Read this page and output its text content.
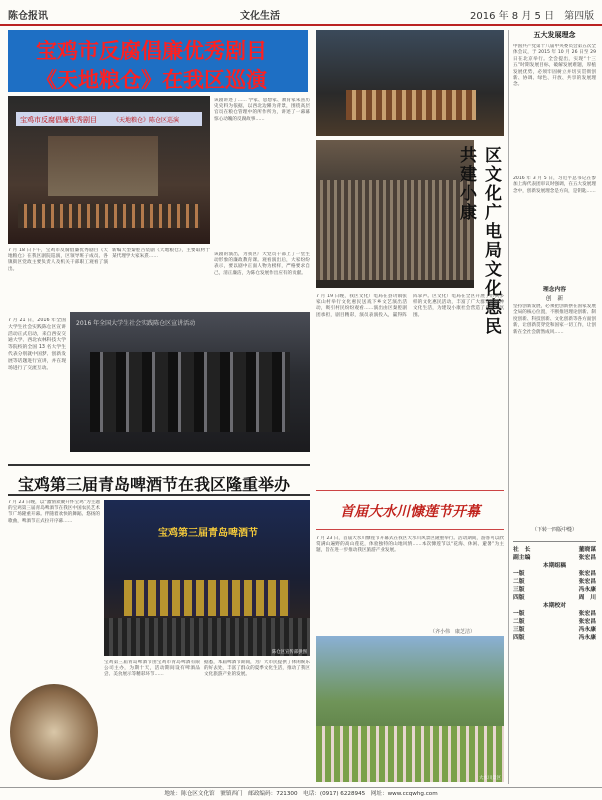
陈仓报讯	文化生活	2016 年 8 月 5 日　第四版
宝鸡市反腐倡廉优秀剧目
《天地粮仓》在我区巡演
宝鸡市反腐倡廉优秀剧目	《天地粮仓》陈仓区巡演
7 月 18 日下午，宝鸡市反腐倡廉优秀剧目《天地粮仓》在我区剧院巡演，区领导班子成员、各镇街区党政主要负责人及机关干部职工观看了演出。
新编大型秦腔古装剧《天地粮仓》，主要取材于某代理学大家朱熹……
该剧讲述了…… 学家、思想家、教育家朱熹历史史料为依据，以西北边陲为背景，围绕高层官员在粮仓管理中的所作所为，讲述了一幕幕惊心动魄的反腐故事……
该剧的演出，为我区广大党员干部上了一堂生动形象的廉政教育课。观看演出后，大家纷纷表示，要以剧中正面人物为榜样，严格要求自己，清正廉洁，为陈仓发展作出应有的贡献。
7 月 21 日，2016 年全国大学生社会实践陈仓区宣讲活动正式启动，来自西安交通大学、西北农林科技大学等院校的全国 13 名大学生代表分别就中国梦、创新发展等话题进行宣讲，并在现场进行了交流互动。
2016 年全国大学生社会实践陈仓区宣讲活动
宝鸡第三届青岛啤酒节在我区隆重举办
7 月 23 日晚，以“激情欢聚开怀宝鸡”为主题的宝鸡第三届青岛啤酒节在我区中国农民艺术节广场隆重开幕。伴随着欢快的舞蹈、悠扬的歌曲，啤酒节正式拉开序幕……
宝鸡第三届青岛啤酒节由宝鸡市青岛啤酒有限公司主办，为期十天，活动期间设有啤酒品尝、美食展示等精彩环节……
据悉，本届啤酒节期间，为广大市民提供了休闲娱乐的好去处，丰富了群众的夏季文化生活，推动了我区文化旅游产业的发展。
宝鸡第三届青岛啤酒节
陈仓区宣传部供图
区文化广电局文化惠民共建小康
7 月 19 日晚，我区文化广电局在县功镇张家山村举行文化惠民送戏下乡文艺演出活动，吸引村民纷纷观看……演出由区秦腔剧团承担，剧目精彩，演员表演投入，赢得阵阵掌声。区文化广电局在全区开展了形式多样的文化惠民活动，丰富了广大群众的精神文化生活，为建设小康社会营造了良好的氛围。
首届大水川慷莲节开幕
7 月 23 日，首届大水川慷莲节开幕式在我区大水川风景区隆重举行。活动期间，游客可以欣赏满山遍野的高山莲花，体验独特的山地风情……本次慷莲节以“花海、休闲、避暑”为主题，旨在进一步推动我区旅游产业发展。
（齐小伟　康芝洁）
大水川景区
五大发展理念
中国共产党第十八届中央委员会第五次全体会议，于 2015 年 10 月 26 日至 29 日在北京举行。全会提出，实现“十三五”时期发展目标，破解发展难题，厚植发展优势，必须牢固树立并切实贯彻创新、协调、绿色、开放、共享的发展理念。
2016 年 3 月 5 日，习近平总书记在参加上海代表团审议时强调，在五大发展理念中，创新发展理念是方向，是钥匙……
理念内容
创　新
坚持创新发展，必须把创新摆在国家发展全局的核心位置，不断推进理论创新、制度创新、科技创新、文化创新等各方面创新，让创新贯穿党和国家一切工作，让创新在全社会蔚然成风……
（下转一四版中缝）
社　长	董晓谋
副主编	张宏昌
本期组稿
一版	张宏昌
二版	张宏昌
三版	冯永康
四版	周　川
本期校对
一版	张宏昌
二版	张宏昌
三版	冯永康
四版	冯永康
地址：陈仓区文化馆　號镇西门　邮政编码：721300　电话：(0917) 6228945　网址：www.ccqwhg.com
